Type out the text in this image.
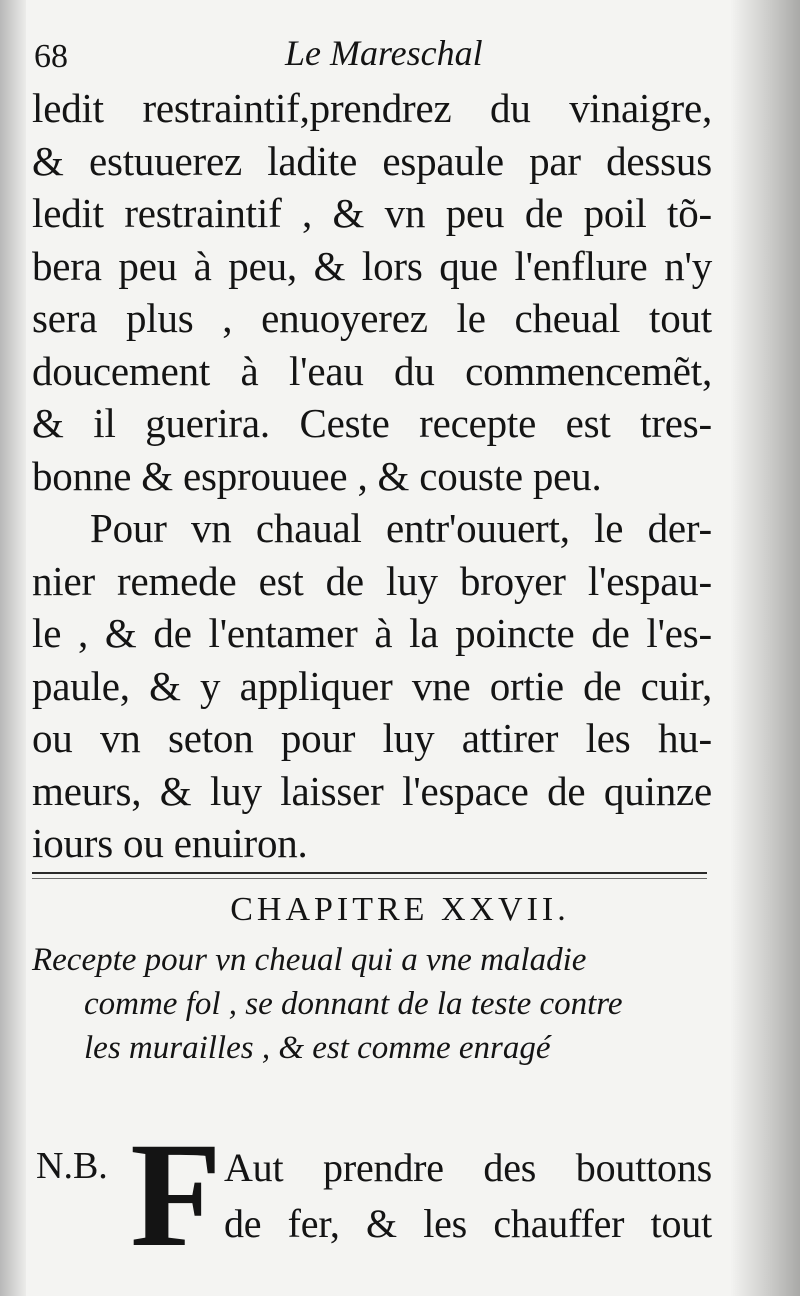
68	Le Mareschal
ledit restraintif,prendrez du vinaigre,
& estuuerez ladite espaule par dessus
ledit restraintif , & vn peu de poil tõ-
bera peu à peu, & lors que l'enflure n'y
sera plus , enuoyerez le cheual tout
doucement à l'eau du commencemẽt,
& il guerira. Ceste recepte est tres-
bonne & esprouuee , & couste peu.
Pour vn chaual entr'ouuert, le der-
nier remede est de luy broyer l'espau-
le , & de l'entamer à la poincte de l'es-
paule, & y appliquer vne ortie de cuir,
ou vn seton pour luy attirer les hu-
meurs, & luy laisser l'espace de quinze
iours ou enuiron.
CHAPITRE XXVII.
Recepte pour vn cheual qui a vne maladie
comme fol , se donnant de la teste contre
les murailles , & est comme enragé
N.B. F Aut prendre des bouttons
de fer, & les chauffer tout
